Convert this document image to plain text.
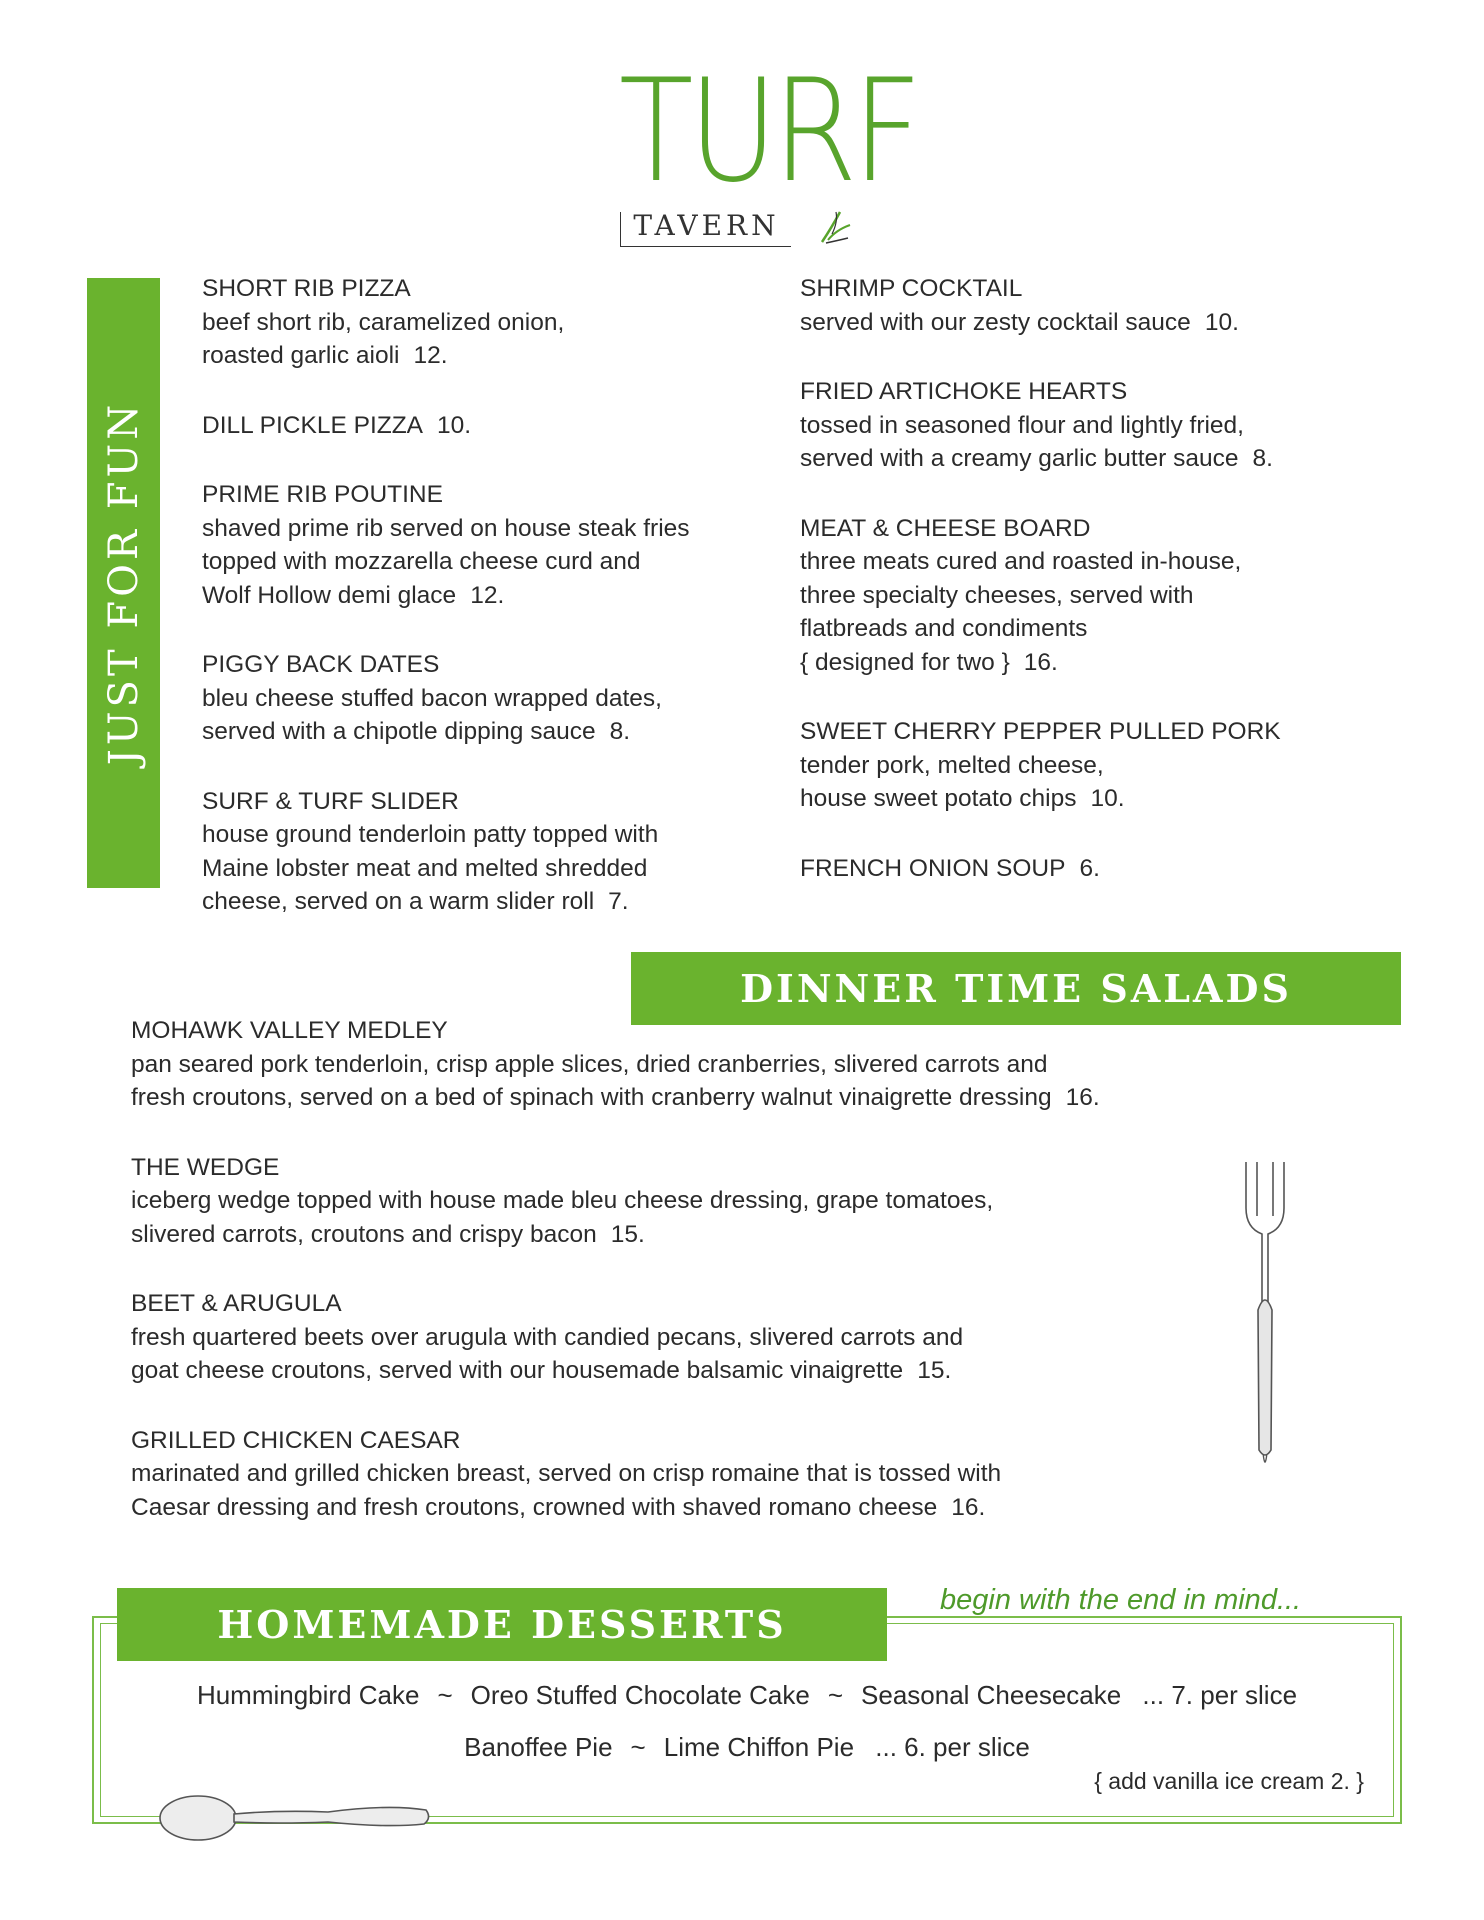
TURF
TAVERN
JUST FOR FUN
SHORT RIB PIZZA
beef short rib, caramelized onion,
roasted garlic aioli 12.
DILL PICKLE PIZZA 10.
PRIME RIB POUTINE
shaved prime rib served on house steak fries
topped with mozzarella cheese curd and
Wolf Hollow demi glace 12.
PIGGY BACK DATES
bleu cheese stuffed bacon wrapped dates,
served with a chipotle dipping sauce 8.
SURF & TURF SLIDER
house ground tenderloin patty topped with
Maine lobster meat and melted shredded
cheese, served on a warm slider roll 7.
SHRIMP COCKTAIL
served with our zesty cocktail sauce 10.
FRIED ARTICHOKE HEARTS
tossed in seasoned flour and lightly fried,
served with a creamy garlic butter sauce 8.
MEAT & CHEESE BOARD
three meats cured and roasted in-house,
three specialty cheeses, served with
flatbreads and condiments
{ designed for two } 16.
SWEET CHERRY PEPPER PULLED PORK
tender pork, melted cheese,
house sweet potato chips 10.
FRENCH ONION SOUP 6.
DINNER TIME SALADS
MOHAWK VALLEY MEDLEY
pan seared pork tenderloin, crisp apple slices, dried cranberries, slivered carrots and
fresh croutons, served on a bed of spinach with cranberry walnut vinaigrette dressing 16.
THE WEDGE
iceberg wedge topped with house made bleu cheese dressing, grape tomatoes,
slivered carrots, croutons and crispy bacon 15.
BEET & ARUGULA
fresh quartered beets over arugula with candied pecans, slivered carrots and
goat cheese croutons, served with our housemade balsamic vinaigrette 15.
GRILLED CHICKEN CAESAR
marinated and grilled chicken breast, served on crisp romaine that is tossed with
Caesar dressing and fresh croutons, crowned with shaved romano cheese 16.
HOMEMADE DESSERTS
begin with the end in mind...
Hummingbird Cake ~ Oreo Stuffed Chocolate Cake ~ Seasonal Cheesecake ... 7. per slice
Banoffee Pie ~ Lime Chiffon Pie ... 6. per slice
{ add vanilla ice cream 2. }
